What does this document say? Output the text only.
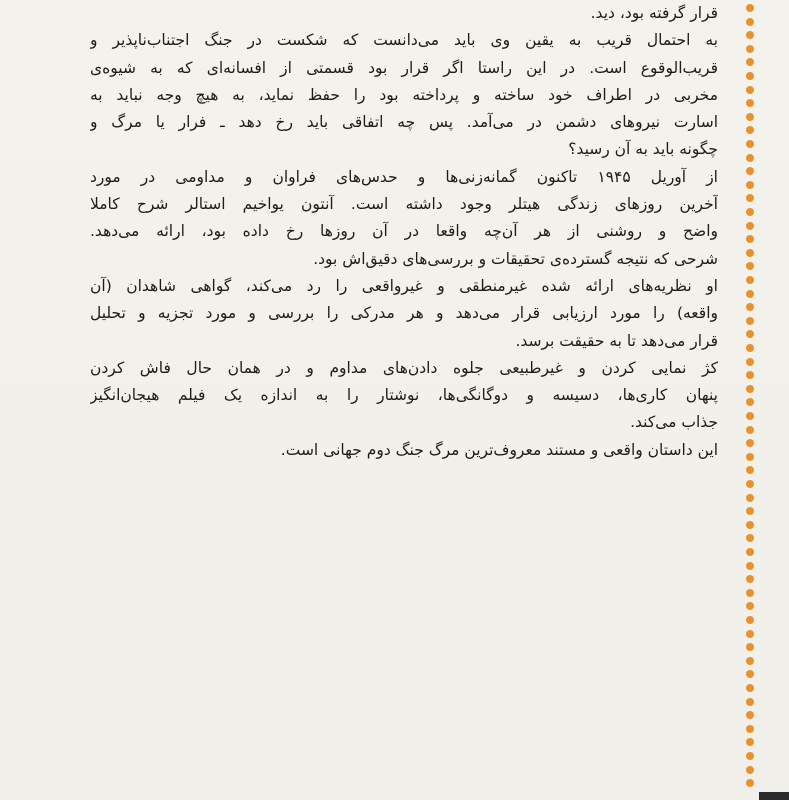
قرار گرفته بود، دید.
به احتمال قریب به یقین وی باید می‌دانست که شکست در جنگ اجتناب‌ناپذیر و
قریب‌الوقوع است. در این راستا اگر قرار بود قسمتی از افسانه‌ای که به شیوه‌ی
مخربی در اطراف خود ساخته و پرداخته بود را حفظ نماید، به هیچ وجه نباید به
اسارت نیروهای دشمن در می‌آمد. پس چه اتفاقی باید رخ دهد ـ فرار یا مرگ و
چگونه باید به آن رسید؟
از آوریل ۱۹۴۵ تاکنون گمانه‌زنی‌ها و حدس‌های فراوان و مداومی در مورد
آخرین روزهای زندگی هیتلر وجود داشته است. آنتون یواخیم استالر شرح کاملا
واضح و روشنی از هر آن‌چه واقعا در آن روزها رخ داده بود، ارائه می‌دهد.
شرحی که نتیجه گسترده‌ی تحقیقات و بررسی‌های دقیق‌اش بود.
او نظریه‌های ارائه شده غیرمنطقی و غیرواقعی را رد می‌کند، گواهی شاهدان (آن
واقعه) را مورد ارزیابی قرار می‌دهد و هر مدرکی را بررسی و مورد تجزیه و تحلیل
قرار می‌دهد تا به حقیقت برسد.
کژ نمایی کردن و غیرطبیعی جلوه دادن‌های مداوم و در همان حال فاش کردن
پنهان کاری‌ها، دسیسه و دوگانگی‌ها، نوشتار را به اندازه یک فیلم هیجان‌انگیز
جذاب می‌کند.
این داستان واقعی و مستند معروف‌ترین مرگ جنگ دوم جهانی است.
